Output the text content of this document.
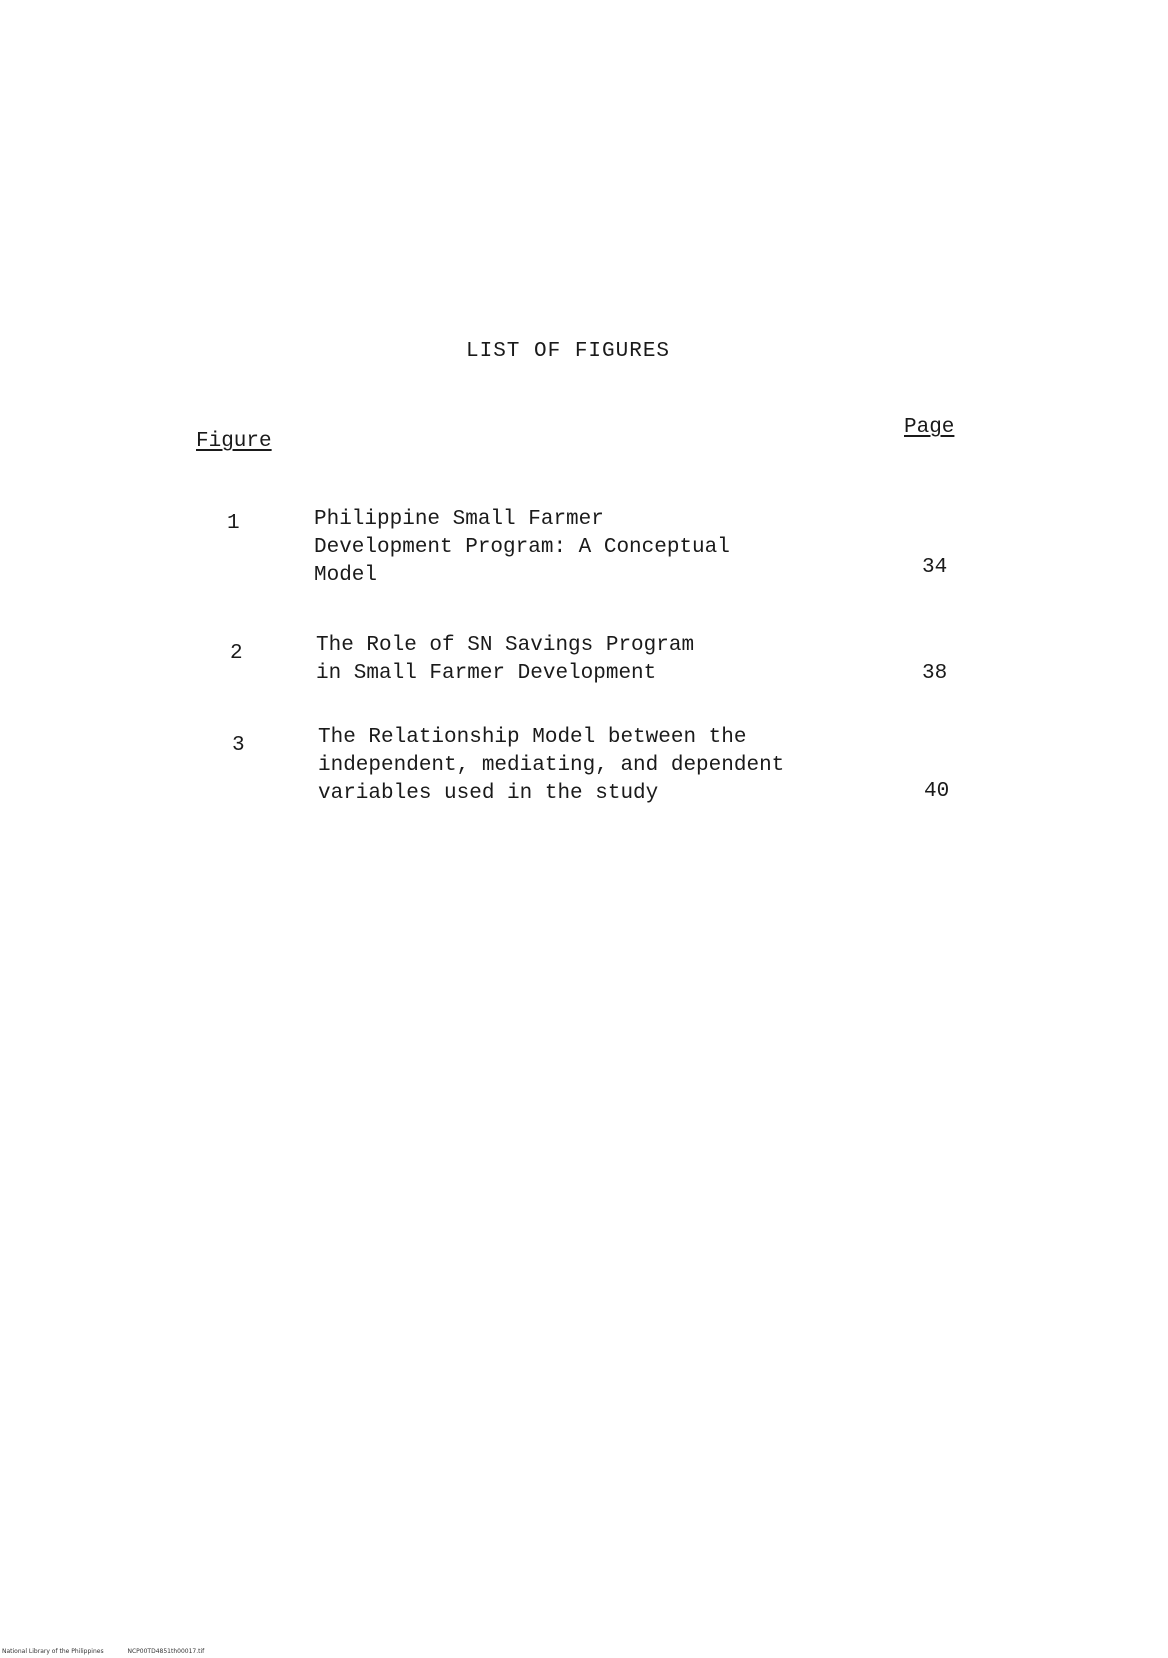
LIST OF FIGURES
Figure
Page
1	Philippine Small Farmer
Development Program: A Conceptual
Model	34
2	The Role of SN Savings Program
in Small Farmer Development	38
3	The Relationship Model between the
independent, mediating, and dependent
variables used in the study	40
National Library of the Philippines	NCP00TD4851th00017.tif
